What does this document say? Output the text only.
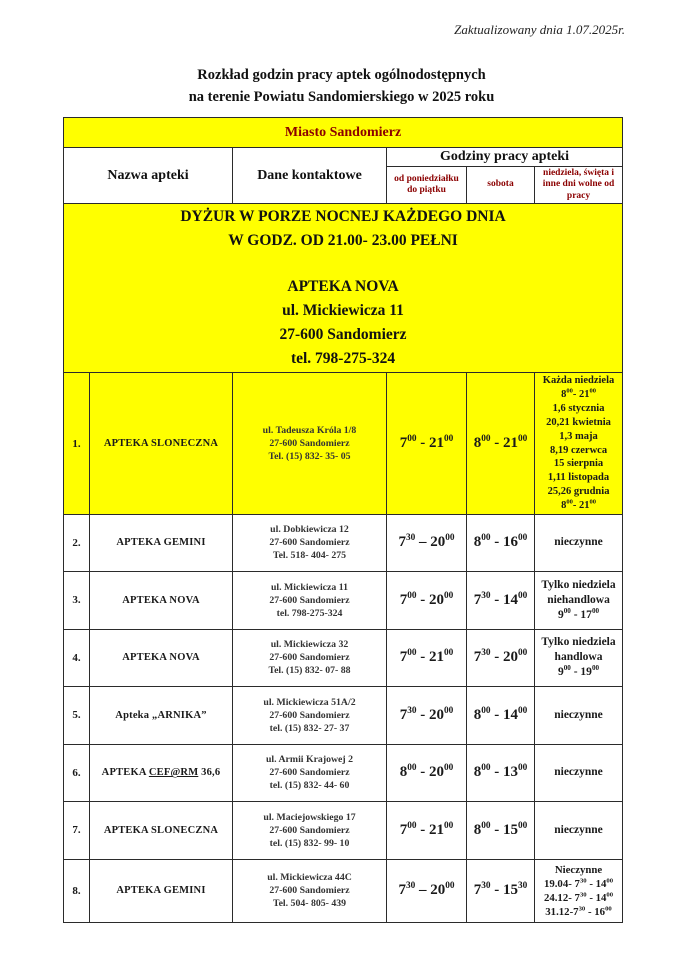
Zaktualizowany dnia 1.07.2025r.
Rozkład godzin pracy aptek ogólnodostępnych
na terenie Powiatu Sandomierskiego w 2025 roku
Miasto Sandomierz					
Nazwa apteki		Dane kontaktowe	Godziny pracy apteki		
			od poniedziałku do piątku	sobota	niedziela, święta i inne dni wolne od pracy

DYŻUR W PORZE NOCNEJ KAŻDEGO DNIA
W GODZ. OD 21.00- 23.00 PEŁNI
APTEKA NOVA
ul. Mickiewicza 11
27-600 Sandomierz
tel. 798-275-324

1.	APTEKA SLONECZNA	ul. Tadeusza Króla 1/8
27-600 Sandomierz
Tel. (15) 832- 35- 05	$7^{00} - 21^{00}$	$8^{00} - 21^{00}$	Każda niedziela
$8^{00}-$ $21^{00}$
1,6 stycznia
20,21 kwietnia
1,3 maja
8,19 czerwca
15 sierpnia
1,11 listopada
25,26 grudnia
$8^{00}-$ $21^{00}$
2.	APTEKA GEMINI	ul. Dobkiewicza 12
27-600 Sandomierz
Tel. 518- 404- 275	$7^{30} - 20^{00}$	$8^{00} - 16^{00}$	nieczynne
3.	APTEKA NOVA	ul. Mickiewicza 11
27-600 Sandomierz
tel. 798-275-324	$7^{00} - 20^{00}$	$7^{30} - 14^{00}$	Tylko niedziela
niehandlowa
$9^{00} - 17^{00}$
4.	APTEKA NOVA	ul. Mickiewicza 32
27-600 Sandomierz
Tel. (15) 832- 07- 88	$7^{00} - 21^{00}$	$7^{30} - 20^{00}$	Tylko niedziela
handlowa
$9^{00} - 19^{00}$
5.	Apteka „ARNIKA”	ul. Mickiewicza 51A/2
27-600 Sandomierz
tel. (15) 832- 27- 37	$7^{30} - 20^{00}$	$8^{00} - 14^{00}$	nieczynne
6.	APTEKA CEF@RM 36,6	ul. Armii Krajowej 2
27-600 Sandomierz
tel. (15) 832- 44- 60	$8^{00} - 20^{00}$	$8^{00} - 13^{00}$	nieczynne
7.	APTEKA SLONECZNA	ul. Maciejowskiego 17
27-600 Sandomierz
tel. (15) 832- 99- 10	$7^{00} - 21^{00}$	$8^{00} - 15^{00}$	nieczynne
8.	APTEKA GEMINI	ul. Mickiewicza 44C
27-600 Sandomierz
Tel. 504- 805- 439	$7^{30} - 20^{00}$	$7^{30} - 15^{30}$	Nieczynne
19.04- $7^{30} - 14^{00}$
24.12- $7^{30} - 14^{00}$
$31.12-7^{30} - 16^{00}$
